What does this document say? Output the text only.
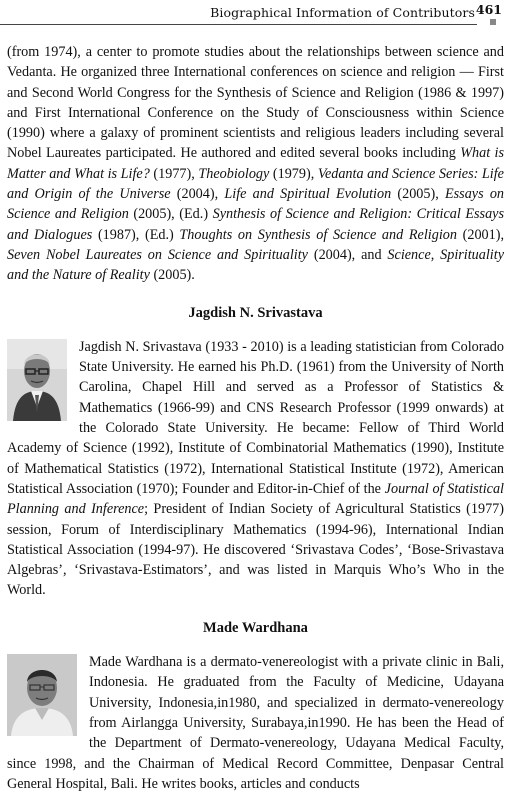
Biographical Information of Contributors 461

(from 1974), a center to promote studies about the relationships between science and Vedanta. He organized three International conferences on science and religion — First and Second World Congress for the Synthesis of Science and Religion (1986 & 1997) and First International Conference on the Study of Consciousness within Science (1990) where a galaxy of prominent scientists and religious leaders including several Nobel Laureates participated. He authored and edited several books including What is Matter and What is Life? (1977), Theobiology (1979), Vedanta and Science Series: Life and Origin of the Universe (2004), Life and Spiritual Evolution (2005), Essays on Science and Religion (2005), (Ed.) Synthesis of Science and Religion: Critical Essays and Dialogues (1987), (Ed.) Thoughts on Synthesis of Science and Religion (2001), Seven Nobel Laureates on Science and Spirituality (2004), and Science, Spirituality and the Nature of Reality (2005).

Jagdish N. Srivastava

Jagdish N. Srivastava (1933 - 2010) is a leading statistician from Colorado State University. He earned his Ph.D. (1961) from the University of North Carolina, Chapel Hill and served as a Professor of Statistics & Mathematics (1966-99) and CNS Research Professor (1999 onwards) at the Colorado State University. He became: Fellow of Third World Academy of Science (1992), Institute of Combinatorial Mathematics (1990), Institute of Mathematical Statistics (1972), International Statistical Institute (1972), American Statistical Association (1970); Founder and Editor-in-Chief of the Journal of Statistical Planning and Inference; President of Indian Society of Agricultural Statistics (1977) session, Forum of Interdisciplinary Mathematics (1994-96), International Indian Statistical Association (1994-97). He discovered ‘Srivastava Codes’, ‘Bose-Srivastava Algebras’, ‘Srivastava-Estimators’, and was listed in Marquis Who’s Who in the World.

Made Wardhana

Made Wardhana is a dermato-venereologist with a private clinic in Bali, Indonesia. He graduated from the Faculty of Medicine, Udayana University, Indonesia,in1980, and specialized in dermato-venereology from Airlangga University, Surabaya,in1990. He has been the Head of the Department of Dermato-venereology, Udayana Medical Faculty, since 1998, and the Chairman of Medical Record Committee, Denpasar Central General Hospital, Bali. He writes books, articles and conducts
